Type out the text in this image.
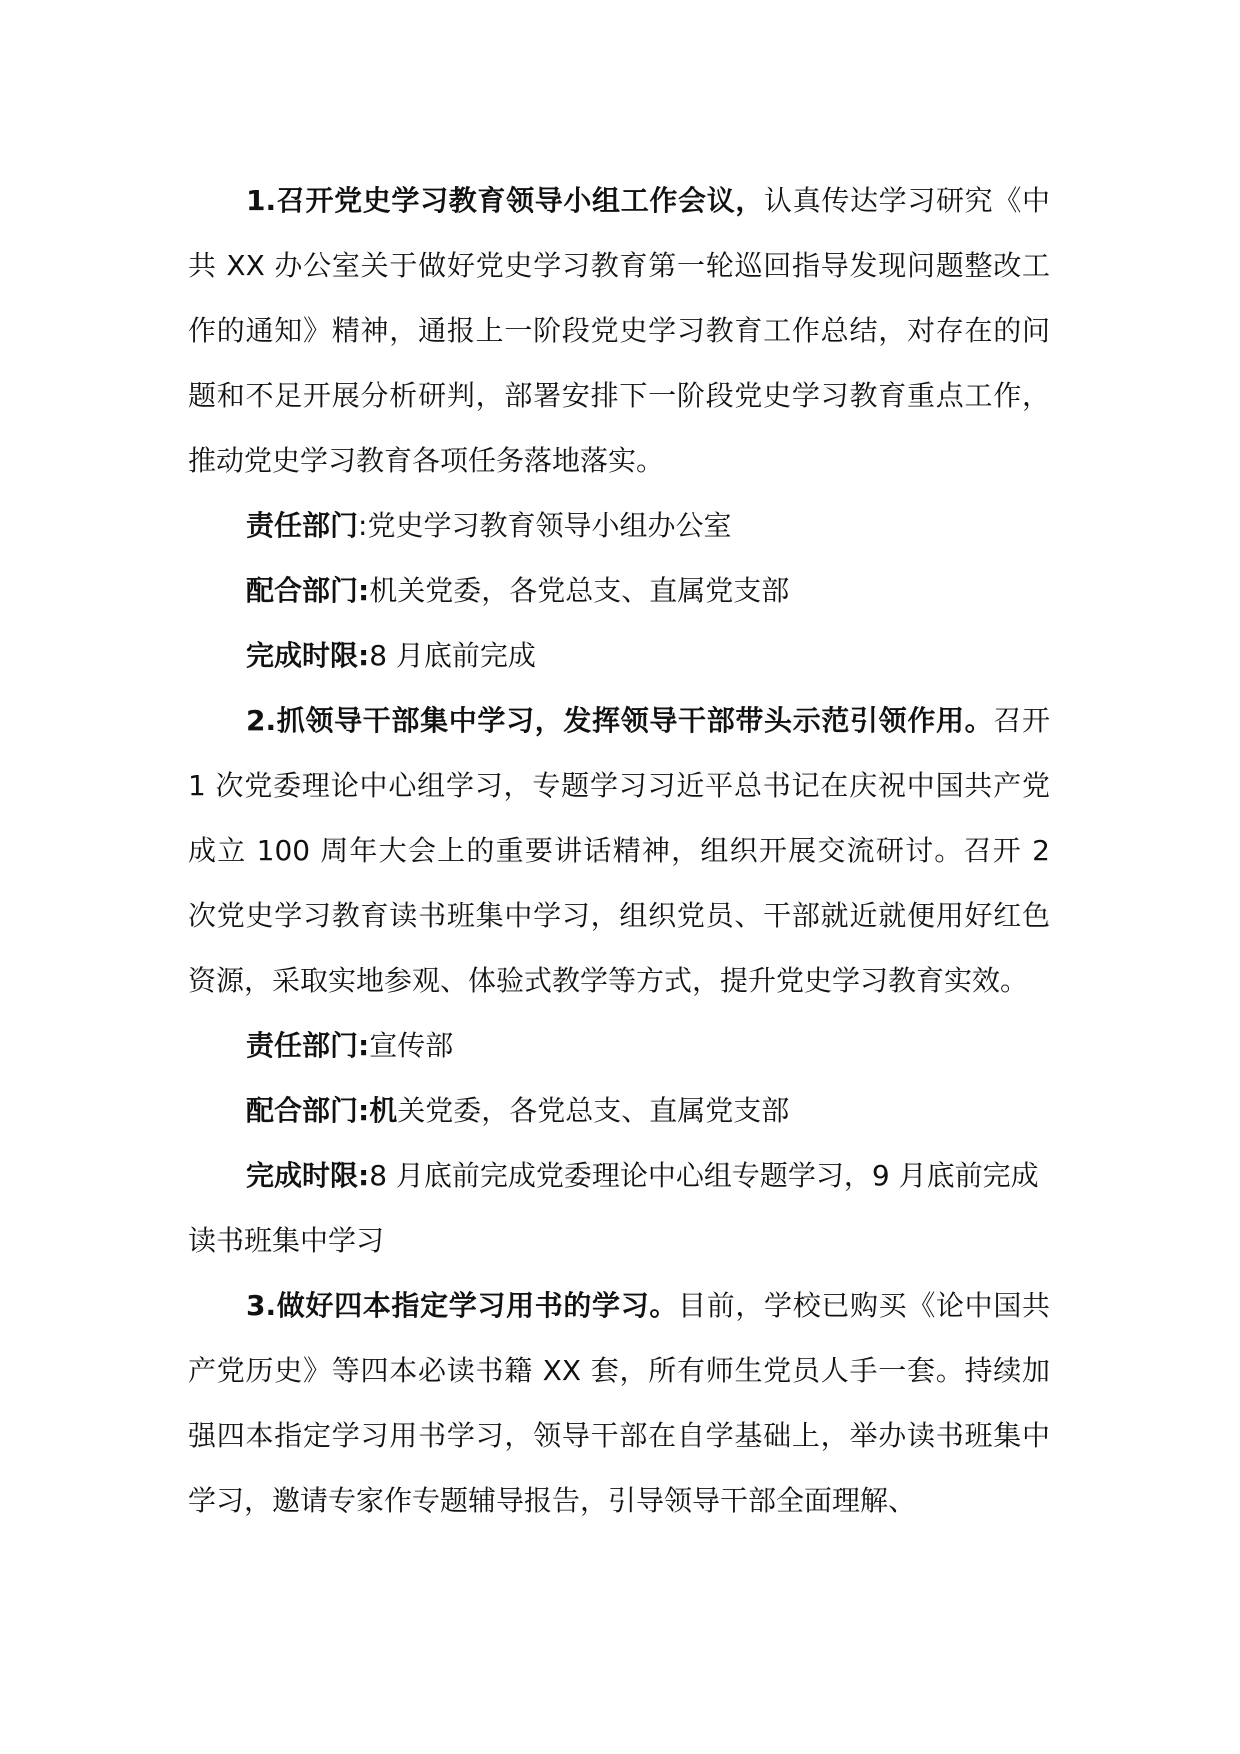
1.召开党史学习教育领导小组工作会议，认真传达学习研究《中共 XX 办公室关于做好党史学习教育第一轮巡回指导发现问题整改工作的通知》精神，通报上一阶段党史学习教育工作总结，对存在的问题和不足开展分析研判，部署安排下一阶段党史学习教育重点工作，推动党史学习教育各项任务落地落实。

责任部门:党史学习教育领导小组办公室

配合部门:机关党委，各党总支、直属党支部

完成时限:8 月底前完成

2.抓领导干部集中学习，发挥领导干部带头示范引领作用。召开 1 次党委理论中心组学习，专题学习习近平总书记在庆祝中国共产党成立 100 周年大会上的重要讲话精神，组织开展交流研讨。召开 2 次党史学习教育读书班集中学习，组织党员、干部就近就便用好红色资源，采取实地参观、体验式教学等方式，提升党史学习教育实效。

责任部门:宣传部

配合部门:机关党委，各党总支、直属党支部

完成时限:8 月底前完成党委理论中心组专题学习，9 月底前完成读书班集中学习

3.做好四本指定学习用书的学习。目前，学校已购买《论中国共产党历史》等四本必读书籍 XX 套，所有师生党员人手一套。持续加强四本指定学习用书学习，领导干部在自学基础上，举办读书班集中学习，邀请专家作专题辅导报告，引导领导干部全面理解、
